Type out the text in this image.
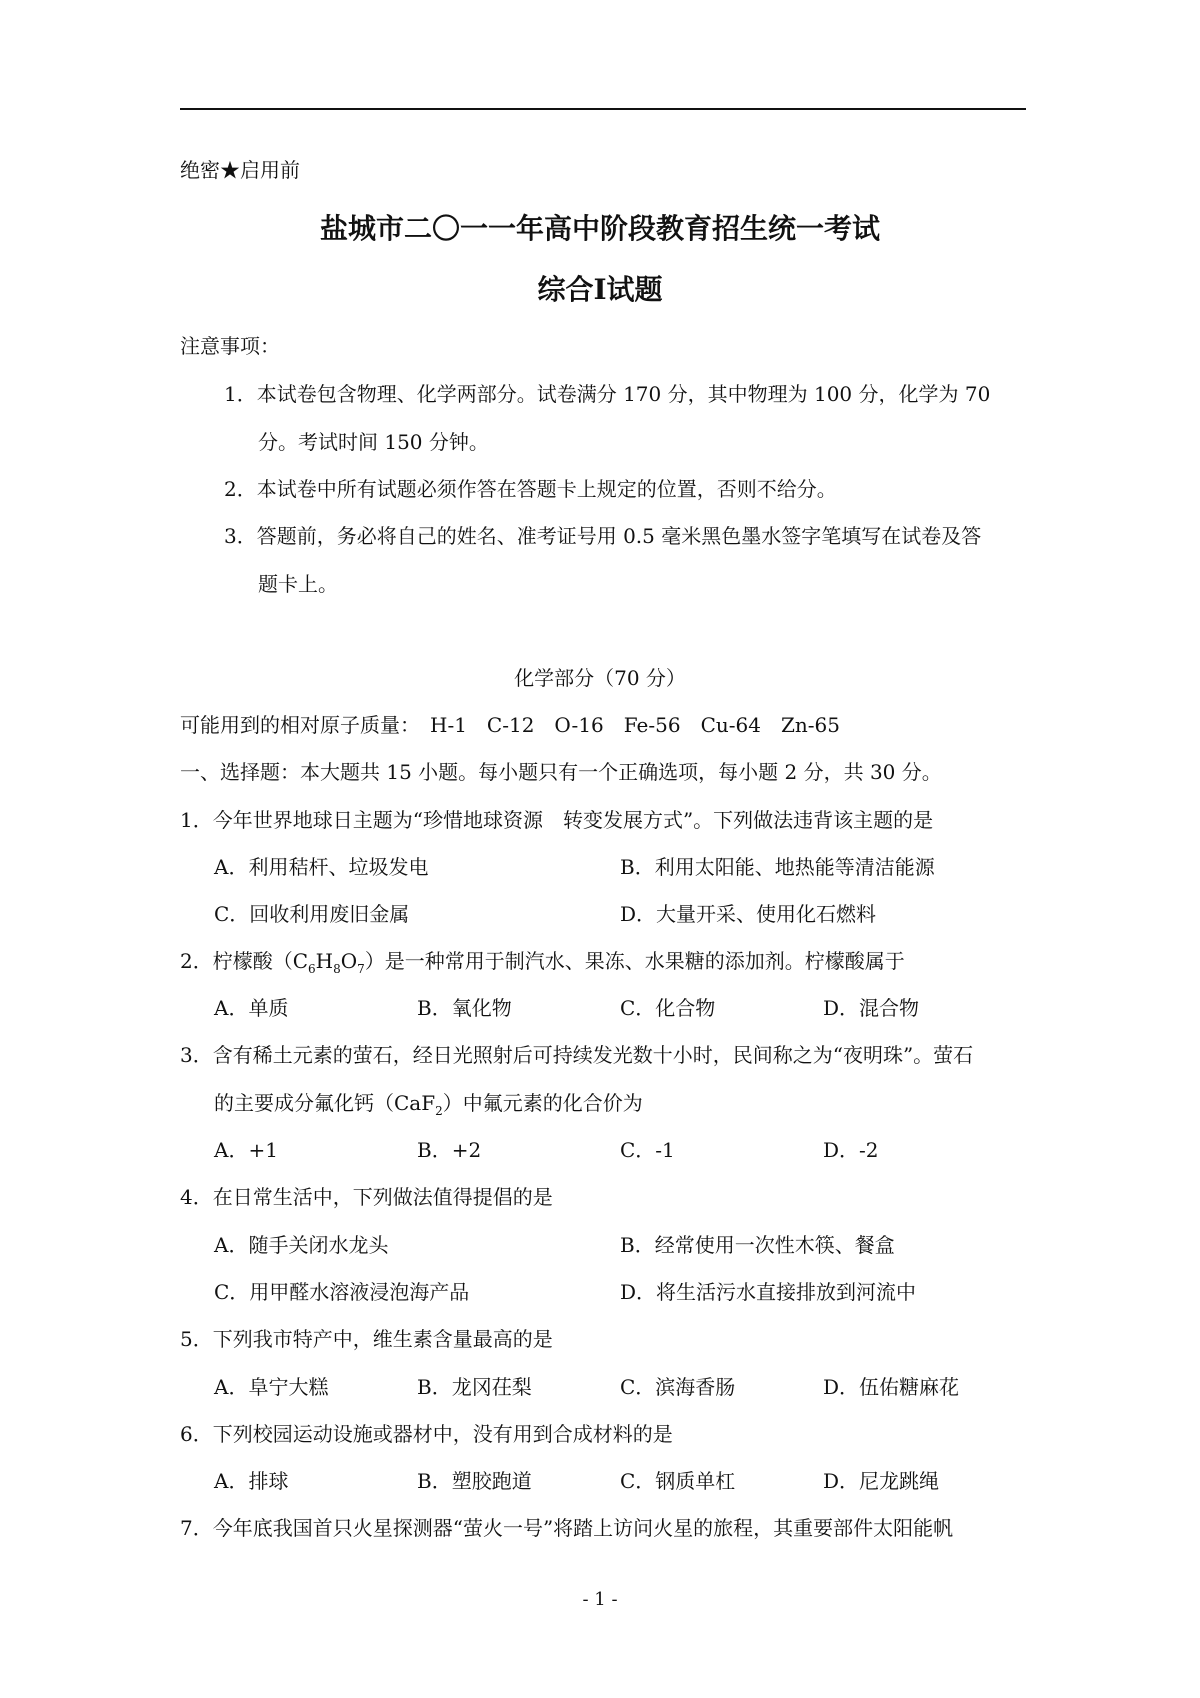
绝密★启用前
盐城市二〇一一年高中阶段教育招生统一考试
综合Ⅰ试题
注意事项：
1．本试卷包含物理、化学两部分。试卷满分 170 分，其中物理为 100 分，化学为 70
分。考试时间 150 分钟。
2．本试卷中所有试题必须作答在答题卡上规定的位置，否则不给分。
3．答题前，务必将自己的姓名、准考证号用 0.5 毫米黑色墨水签字笔填写在试卷及答
题卡上。
化学部分（70 分）
可能用到的相对原子质量：　H-1　C-12　O-16　Fe-56　Cu-64　Zn-65
一、选择题：本大题共 15 小题。每小题只有一个正确选项，每小题 2 分，共 30 分。
1．今年世界地球日主题为“珍惜地球资源　转变发展方式”。下列做法违背该主题的是
A．利用秸杆、垃圾发电	B．利用太阳能、地热能等清洁能源
C．回收利用废旧金属	D．大量开采、使用化石燃料
2．柠檬酸$(C_6H_8O_7)$是一种常用于制汽水、果冻、水果糖的添加剂。柠檬酸属于
A．单质	B．氧化物	C．化合物	D．混合物
3．含有稀土元素的萤石，经日光照射后可持续发光数十小时，民间称之为“夜明珠”。萤石
的主要成分氟化钙（CaF$_2$）中氟元素的化合价为
A．+1	B．+2	C．-1	D．-2
4．在日常生活中，下列做法值得提倡的是
A．随手关闭水龙头	B．经常使用一次性木筷、餐盒
C．用甲醛水溶液浸泡海产品	D．将生活污水直接排放到河流中
5．下列我市特产中，维生素含量最高的是
A．阜宁大糕	B．龙冈茌梨	C．滨海香肠	D．伍佑糖麻花
6．下列校园运动设施或器材中，没有用到合成材料的是
A．排球	B．塑胶跑道	C．钢质单杠	D．尼龙跳绳
7．今年底我国首只火星探测器“萤火一号”将踏上访问火星的旅程，其重要部件太阳能帆
- 1 -
